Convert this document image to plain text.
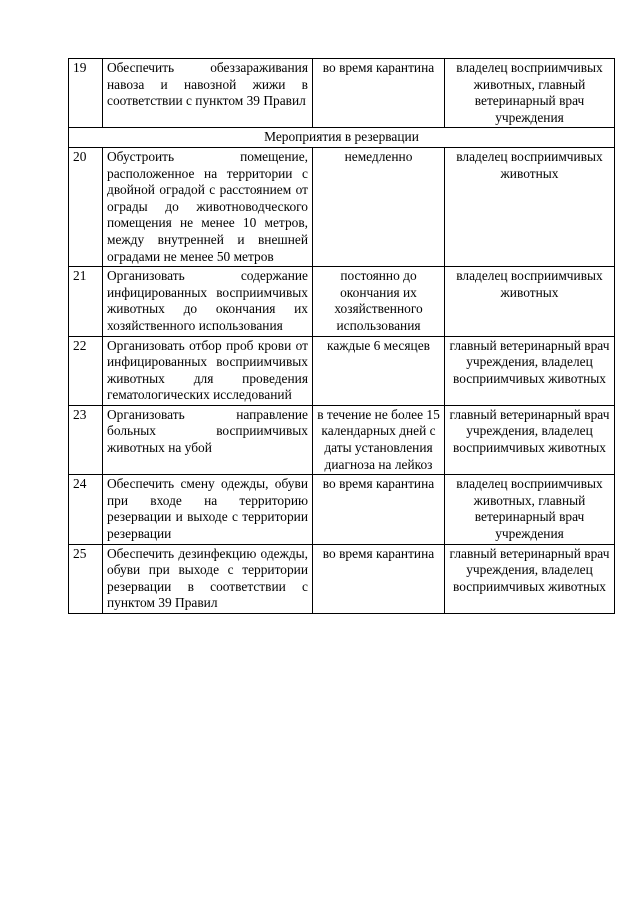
19	Обеспечить обеззараживания навоза и навозной жижи в соответствии с пунктом 39 Правил	во время карантина	владелец восприимчивых животных, главный ветеринарный врач учреждения
Мероприятия в резервации			
20	Обустроить помещение, расположенное на территории с двойной оградой с расстоянием от ограды до животноводческого помещения не менее 10 метров, между внутренней и внешней оградами не менее 50 метров	немедленно	владелец восприимчивых животных
21	Организовать содержание инфицированных восприимчивых животных до окончания их хозяйственного использования	постоянно до окончания их хозяйственного использования	владелец восприимчивых животных
22	Организовать отбор проб крови от инфицированных восприимчивых животных для проведения гематологических исследований	каждые 6 месяцев	главный ветеринарный врач учреждения, владелец восприимчивых животных
23	Организовать направление больных восприимчивых животных на убой	в течение не более 15 календарных дней с даты установления диагноза на лейкоз	главный ветеринарный врач учреждения, владелец восприимчивых животных
24	Обеспечить смену одежды, обуви при входе на территорию резервации и выходе с территории резервации	во время карантина	владелец восприимчивых животных, главный ветеринарный врач учреждения
25	Обеспечить дезинфекцию одежды, обуви при выходе с территории резервации в соответствии с пунктом 39 Правил	во время карантина	главный ветеринарный врач учреждения, владелец восприимчивых животных
